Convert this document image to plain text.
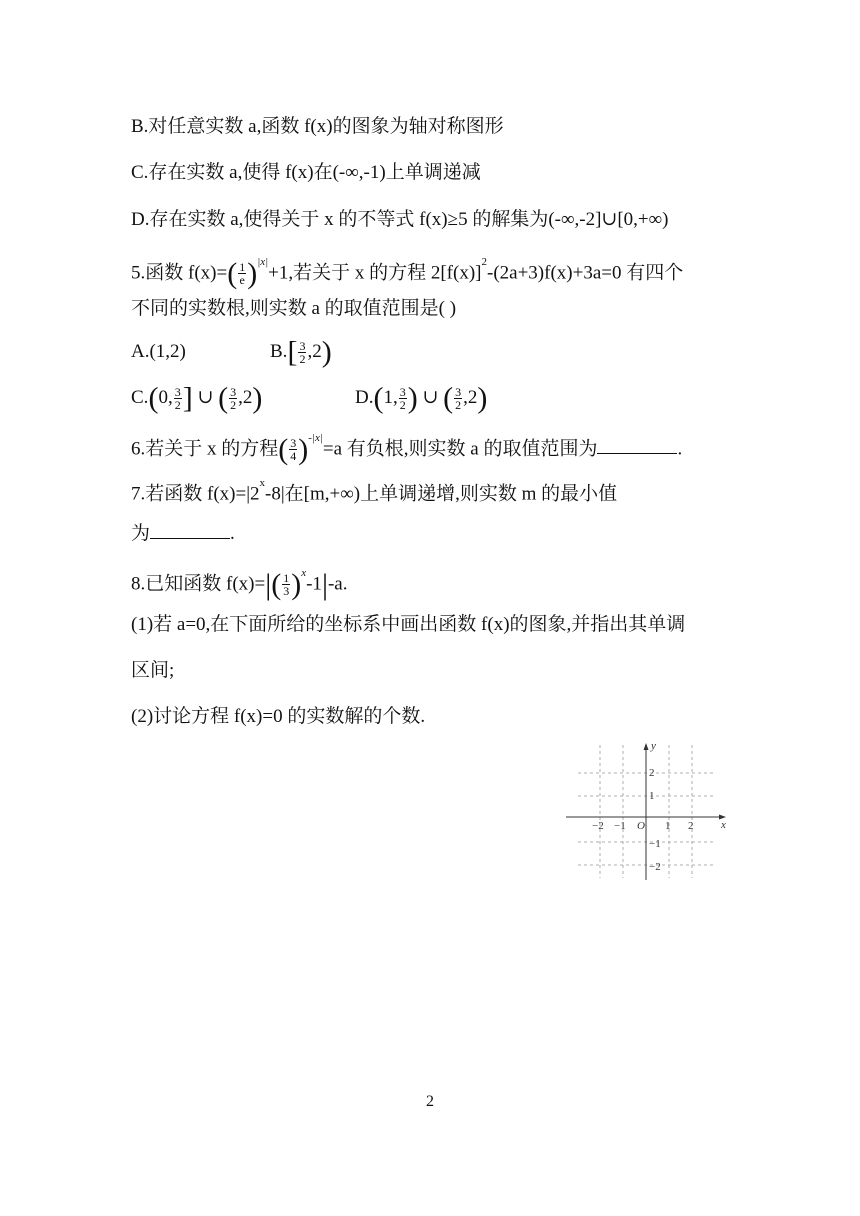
B.对任意实数 a,函数 f(x)的图象为轴对称图形
C.存在实数 a,使得 f(x)在(-∞,-1)上单调递减
D.存在实数 a,使得关于 x 的不等式 f(x)≥5 的解集为(-∞,-2]∪[0,+∞)
5.函数 $f(x)=( \frac{1}{e} )^{|x|}+1$,若关于 x 的方程 $2[f(x)]^2-(2a+3)f(x)+3a=0$ 有四个
不同的实数根,则实数 a 的取值范围是( )
A.(1,2)	$B.[ \frac{3}{2} ,2)$
C.(0, $\frac{3}{2}$ ] ∪ ( $\frac{3}{2} ,2$)	D.(1, $\frac{3}{2}$ ) ∪ ( $\frac{3}{2} ,2$)
6.若关于 x 的方程( $\frac{3}{4} )^{-|x|}=a$ 有负根,则实数 a 的取值范围为	.
7.若函数 $f(x)=|2^x-8|$在[m,+∞)上单调递增,则实数 m 的最小值
为	.
8.已知函数 $f(x)=|( \frac{1}{3} )^x-1|-a$.
(1)若 a=0,在下面所给的坐标系中画出函数 f(x)的图象,并指出其单调
区间;
(2)讨论方程 f(x)=0 的实数解的个数.
y
x
O
−2 −1	1 2
2
1
−1
−2
2
